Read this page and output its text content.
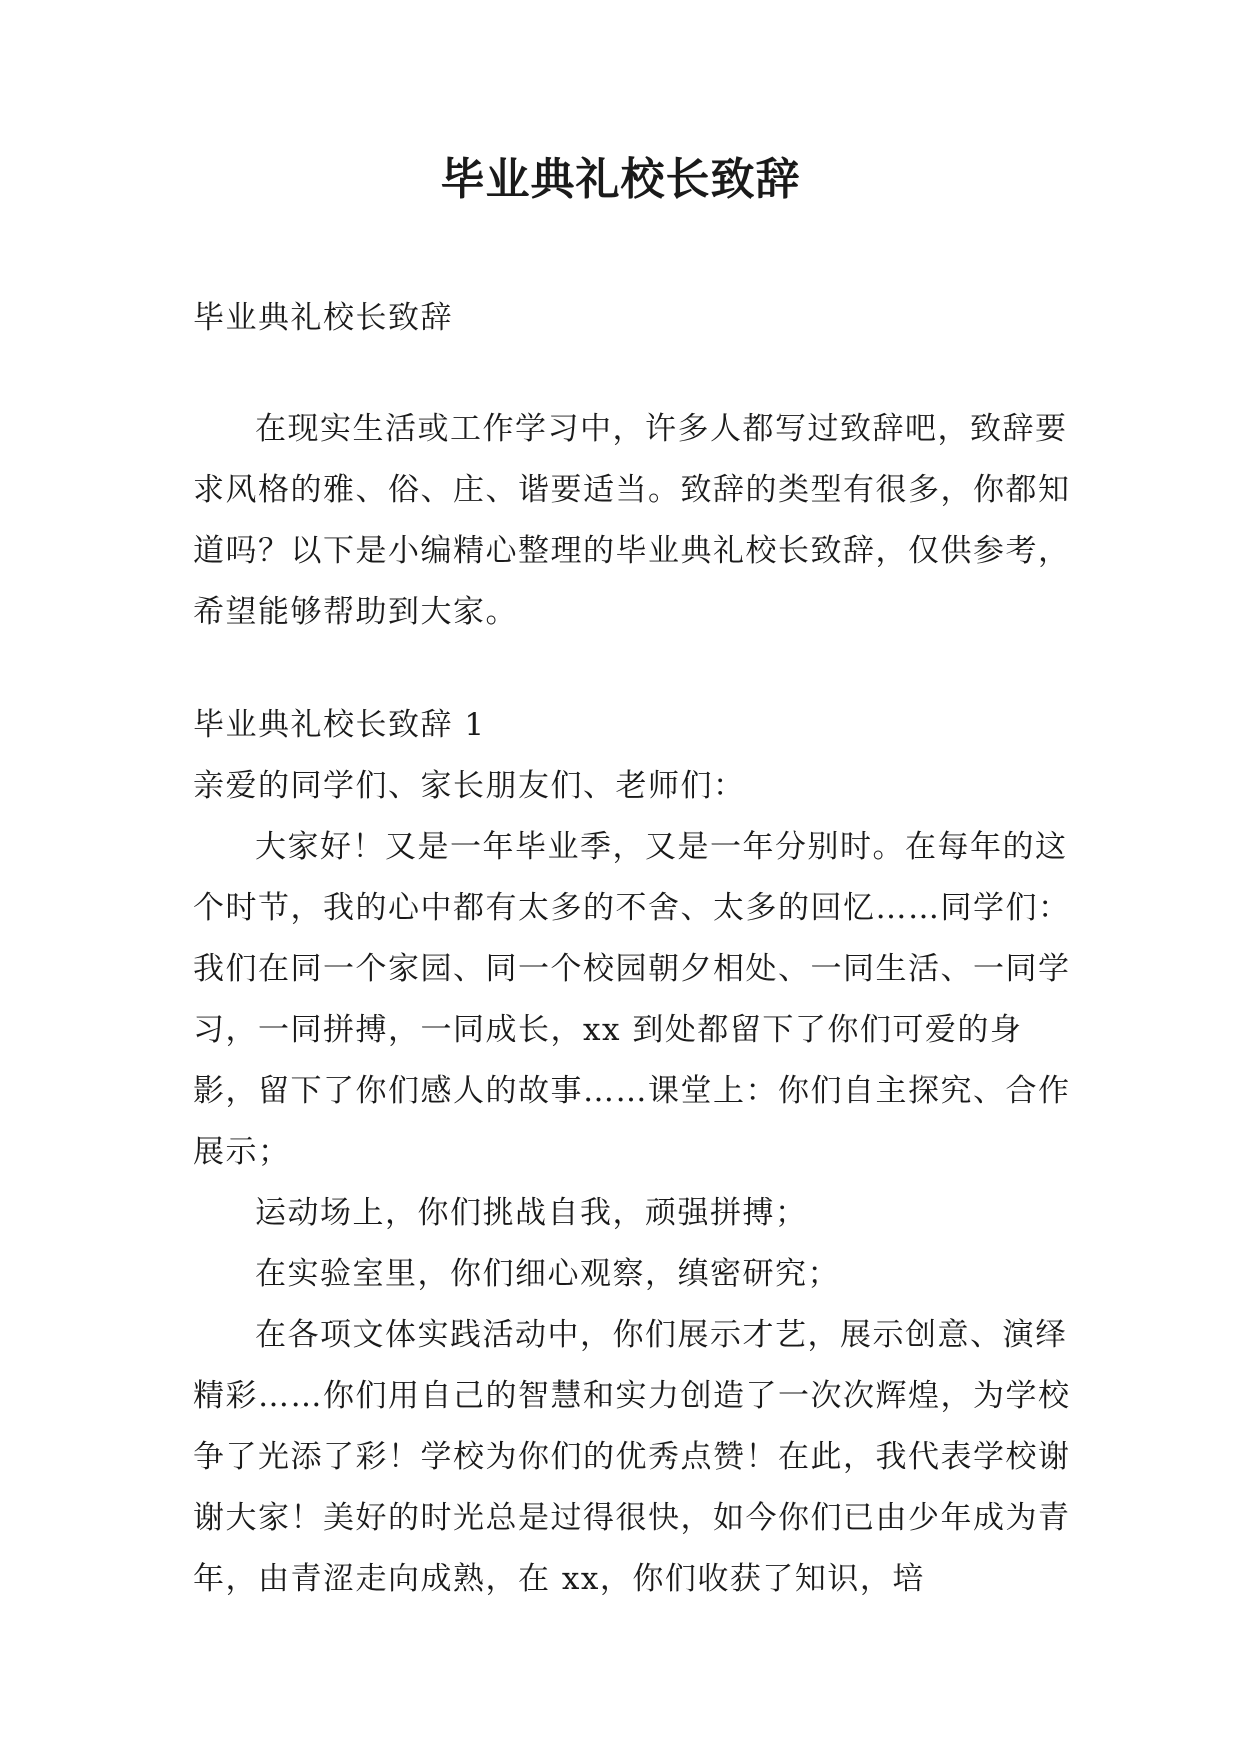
毕业典礼校长致辞

毕业典礼校长致辞

在现实生活或工作学习中，许多人都写过致辞吧，致辞要求风格的雅、俗、庄、谐要适当。致辞的类型有很多，你都知道吗？以下是小编精心整理的毕业典礼校长致辞，仅供参考，希望能够帮助到大家。

毕业典礼校长致辞 1

亲爱的同学们、家长朋友们、老师们：

大家好！又是一年毕业季，又是一年分别时。在每年的这个时节，我的心中都有太多的不舍、太多的回忆……同学们：我们在同一个家园、同一个校园朝夕相处、一同生活、一同学习，一同拼搏，一同成长，xx 到处都留下了你们可爱的身影，留下了你们感人的故事……课堂上：你们自主探究、合作展示；

运动场上，你们挑战自我，顽强拼搏；

在实验室里，你们细心观察，缜密研究；

在各项文体实践活动中，你们展示才艺，展示创意、演绎精彩……你们用自己的智慧和实力创造了一次次辉煌，为学校争了光添了彩！学校为你们的优秀点赞！在此，我代表学校谢谢大家！美好的时光总是过得很快，如今你们已由少年成为青年，由青涩走向成熟，在 xx，你们收获了知识，培
